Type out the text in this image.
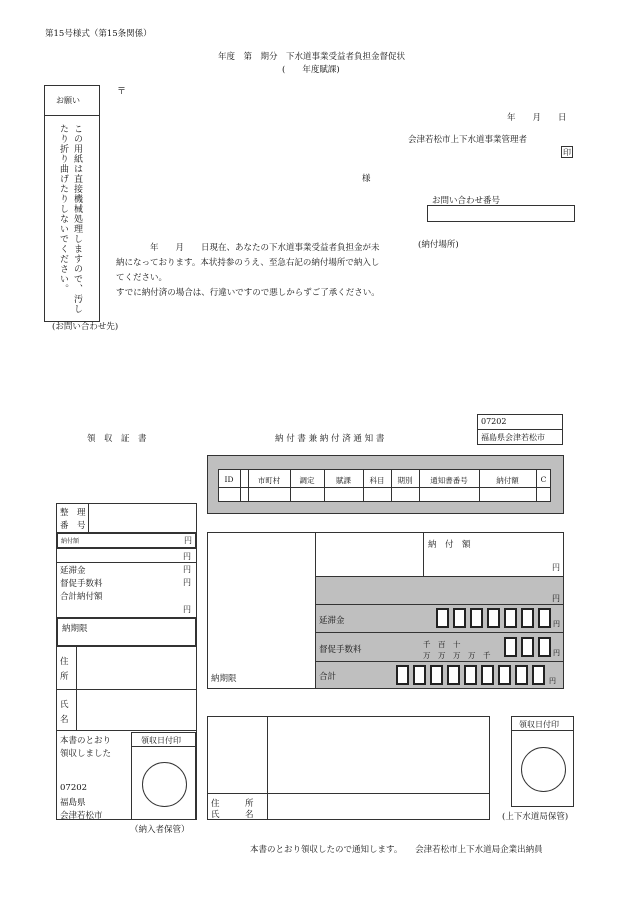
第15号様式（第15条関係）
年度　第　期分　下水道事業受益者負担金督促状
(　　年度賦課)
お願い
この用紙は直接機械処理しますので、汚したり折り曲げたりしないでください。
〒
(お問い合わせ先)
年　　月　　日
会津若松市上下水道事業管理者
印
様
お問い合わせ番号
年　　月　　日現在、あなたの下水道事業受益者負担金が未
納になっております。本状持参のうえ、至急右記の納付場所で納入し
てください。
すでに納付済の場合は、行違いですので悪しからずご了承ください。
(納付場所)
領　収　証　書	納 付 書 兼 納 付 済 通 知 書
07202
福島県会津若松市
ID	市町村	調定	賦課	科目	期別	通知書番号	納付額	C
整　理
番　号
納付額	円
円
延滞金	円
督促手数料	円
合計納付額
円
納期限
住
所
氏
名
本書のとおり
領収しました
領収日付印
07202
福島県
会津若松市
（納入者保管）
納期限
納　付　額
円
円
延滞金	円
督促手数料
千　百　十
万　万　万　万　千	円
合計	円
住　　　所
氏　　　名
領収日付印
(上下水道局保管)
本書のとおり領収したので通知します。　　会津若松市上下水道局企業出納員
